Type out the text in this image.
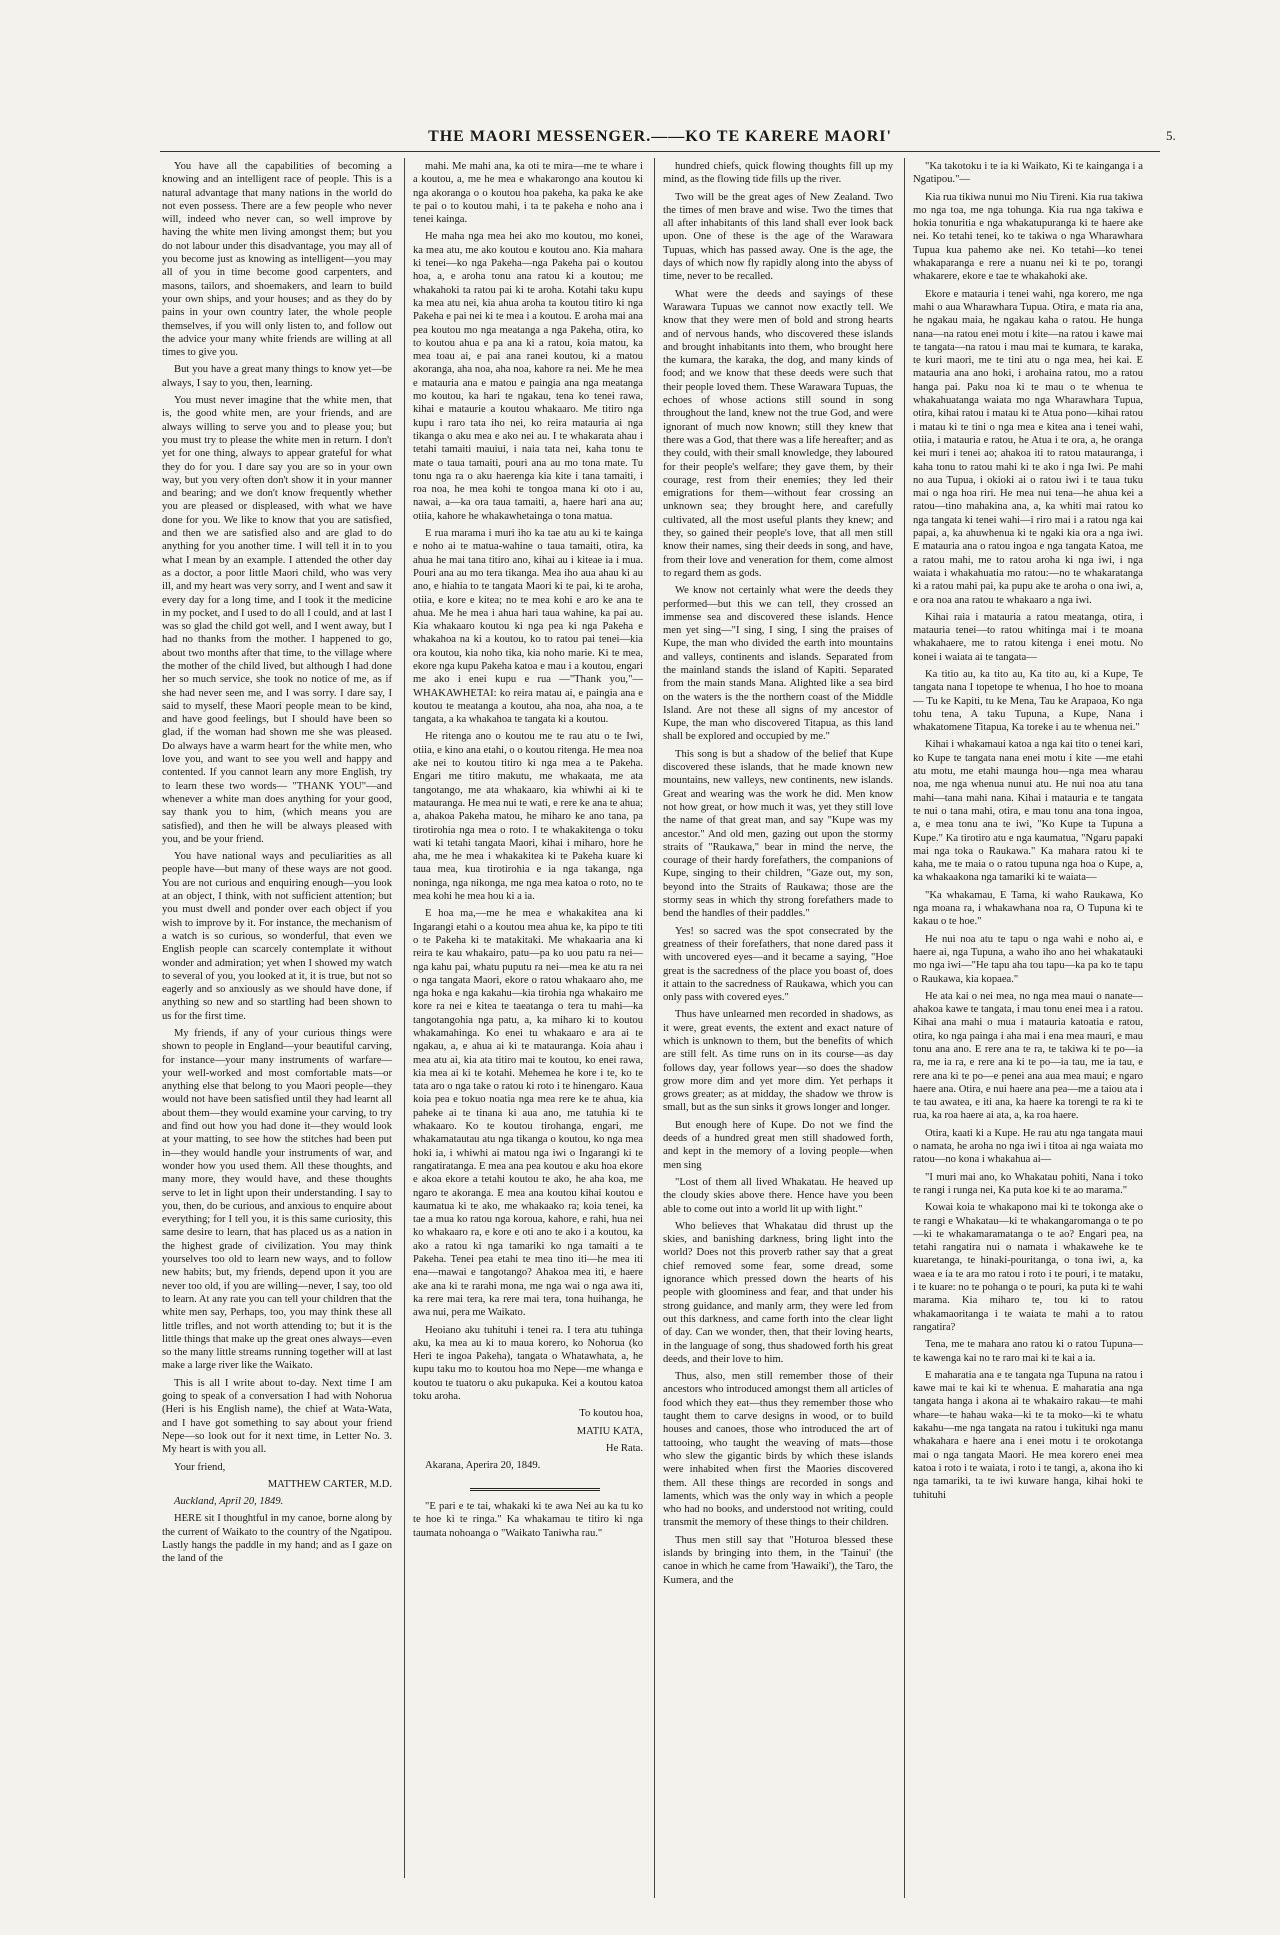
THE MAORI MESSENGER.——KO TE KARERE MAORI'	5.

You have all the capabilities of becoming a knowing and an intelligent race of people. This is a natural advantage that many nations in the world do not even possess. There are a few people who never will, indeed who never can, so well improve by having the white men living amongst them; but you do not labour under this disadvantage, you may all of you become just as knowing as intelligent—you may all of you in time become good carpenters, and masons, tailors, and shoemakers, and learn to build your own ships, and your houses; and as they do by pains in your own country later, the whole people themselves, if you will only listen to, and follow out the advice your many white friends are willing at all times to give you.

But you have a great many things to know yet—be always, I say to you, then, learning.

You must never imagine that the white men, that is, the good white men, are your friends, and are always willing to serve you and to please you; but you must try to please the white men in return. I don't yet for one thing, always to appear grateful for what they do for you. I dare say you are so in your own way, but you very often don't show it in your manner and bearing; and we don't know frequently whether you are pleased or displeased, with what we have done for you. We like to know that you are satisfied, and then we are satisfied also and are glad to do anything for you another time. I will tell it in to you what I mean by an example. I attended the other day as a doctor, a poor little Maori child, who was very ill, and my heart was very sorry, and I went and saw it every day for a long time, and I took it the medicine in my pocket, and I used to do all I could, and at last I was so glad the child got well, and I went away, but I had no thanks from the mother. I happened to go, about two months after that time, to the village where the mother of the child lived, but although I had done her so much service, she took no notice of me, as if she had never seen me, and I was sorry. I dare say, I said to myself, these Maori people mean to be kind, and have good feelings, but I should have been so glad, if the woman had shown me she was pleased. Do always have a warm heart for the white men, who love you, and want to see you well and happy and contented. If you cannot learn any more English, try to learn these two words— "THANK YOU"—and whenever a white man does anything for your good, say thank you to him, (which means you are satisfied), and then he will be always pleased with you, and be your friend.

You have national ways and peculiarities as all people have—but many of these ways are not good. You are not curious and enquiring enough—you look at an object, I think, with not sufficient attention; but you must dwell and ponder over each object if you wish to improve by it. For instance, the mechanism of a watch is so curious, so wonderful, that even we English people can scarcely contemplate it without wonder and admiration; yet when I showed my watch to several of you, you looked at it, it is true, but not so eagerly and so anxiously as we should have done, if anything so new and so startling had been shown to us for the first time.

My friends, if any of your curious things were shown to people in England—your beautiful carving, for instance—your many instruments of warfare—your well-worked and most comfortable mats—or anything else that belong to you Maori people—they would not have been satisfied until they had learnt all about them—they would examine your carving, to try and find out how you had done it—they would look at your matting, to see how the stitches had been put in—they would handle your instruments of war, and wonder how you used them. All these thoughts, and many more, they would have, and these thoughts serve to let in light upon their understanding. I say to you, then, do be curious, and anxious to enquire about everything; for I tell you, it is this same curiosity, this same desire to learn, that has placed us as a nation in the highest grade of civilization. You may think yourselves too old to learn new ways, and to follow new habits; but, my friends, depend upon it you are never too old, if you are willing—never, I say, too old to learn. At any rate you can tell your children that the white men say, Perhaps, too, you may think these all little trifles, and not worth attending to; but it is the little things that make up the great ones always—even so the many little streams running together will at last make a large river like the Waikato.

This is all I write about to-day. Next time I am going to speak of a conversation I had with Nohorua (Heri is his English name), the chief at Wata-Wata, and I have got something to say about your friend Nepe—so look out for it next time, in Letter No. 3. My heart is with you all.

Your friend,

MATTHEW CARTER, M.D.

Auckland, April 20, 1849.

HERE sit I thoughtful in my canoe, borne along by the current of Waikato to the country of the Ngatipou. Lastly hangs the paddle in my hand; and as I gaze on the land of the

mahi. Me mahi ana, ka oti te mira—me te whare i a koutou, a, me he mea e whakarongo ana koutou ki nga akoranga o o koutou hoa pakeha, ka paka ke ake te pai o to koutou mahi, i ta te pakeha e noho ana i tenei kainga.

He maha nga mea hei ako mo koutou, mo konei, ka mea atu, me ako koutou e koutou ano. Kia mahara ki tenei—ko nga Pakeha—nga Pakeha pai o koutou hoa, a, e aroha tonu ana ratou ki a koutou; me whakahoki ta ratou pai ki te aroha. Kotahi taku kupu ka mea atu nei, kia ahua aroha ta koutou titiro ki nga Pakeha e pai nei ki te mea i a koutou. E aroha mai ana pea koutou mo nga meatanga a nga Pakeha, otira, ko to koutou ahua e pa ana ki a ratou, koia matou, ka mea toau ai, e pai ana ranei koutou, ki a matou akoranga, aha noa, aha noa, kahore ra nei. Me he mea e matauria ana e matou e paingia ana nga meatanga mo koutou, ka hari te ngakau, tena ko tenei rawa, kihai e mataurie a koutou whakaaro. Me titiro nga kupu i raro tata iho nei, ko reira matauria ai nga tikanga o aku mea e ako nei au. I te whakarata ahau i tetahi tamaiti mauiui, i naia tata nei, kaha tonu te mate o taua tamaiti, pouri ana au mo tona mate. Tu tonu nga ra o aku haerenga kia kite i tana tamaiti, i roa noa, he mea kohi te tongoa mana ki oto i au, nawai, a—ka ora taua tamaiti, a, haere hari ana au; otiia, kahore he whakawhetainga o tona matua.

E rua marama i muri iho ka tae atu au ki te kainga e noho ai te matua-wahine o taua tamaiti, otira, ka ahua he mai tana titiro ano, kihai au i kiteae ia i mua. Pouri ana au mo tera tikanga. Mea iho aua ahau ki au ano, e hiahia to te tangata Maori ki te pai, ki te aroha, otiia, e kore e kitea; no te mea kohi e aro ke ana te ahua. Me he mea i ahua hari taua wahine, ka pai au. Kia whakaaro koutou ki nga pea ki nga Pakeha e whakahoa na ki a koutou, ko to ratou pai tenei—kia ora koutou, kia noho tika, kia noho marie. Ki te mea, ekore nga kupu Pakeha katoa e mau i a koutou, engari me ako i enei kupu e rua —"Thank you,"—WHAKAWHETAI: ko reira matau ai, e paingia ana e koutou te meatanga a koutou, aha noa, aha noa, a te tangata, a ka whakahoa te tangata ki a koutou.

He ritenga ano o koutou me te rau atu o te Iwi, otiia, e kino ana etahi, o o koutou ritenga. He mea noa ake nei to koutou titiro ki nga mea a te Pakeha. Engari me titiro makutu, me whakaata, me ata tangotango, me ata whakaaro, kia whiwhi ai ki te matauranga. He mea nui te wati, e rere ke ana te ahua; a, ahakoa Pakeha matou, he miharo ke ano tana, pa tirotirohia nga mea o roto. I te whakakitenga o toku wati ki tetahi tangata Maori, kihai i miharo, hore he aha, me he mea i whakakitea ki te Pakeha kuare ki taua mea, kua tirotirohia e ia nga takanga, nga noninga, nga nikonga, me nga mea katoa o roto, no te mea kohi he mea hou ki a ia.

E hoa ma,—me he mea e whakakitea ana ki Ingarangi etahi o a koutou mea ahua ke, ka pipo te titi o te Pakeha ki te matakitaki. Me whakaaria ana ki reira te kau whakairo, patu—pa ko uou patu ra nei—nga kahu pai, whatu puputu ra nei—mea ke atu ra nei o nga tangata Maori, ekore o ratou whakaaro aho, me nga hoka e nga kakahu—kia tirohia nga whakairo me kore ra nei e kitea te taeatanga o tera tu mahi—ka tangotangohia nga patu, a, ka miharo ki to koutou whakamahinga. Ko enei tu whakaaro e ara ai te ngakau, a, e ahua ai ki te matauranga. Koia ahau i mea atu ai, kia ata titiro mai te koutou, ko enei rawa, kia mea ai ki te kotahi. Mehemea he kore i te, ko te tata aro o nga take o ratou ki roto i te hinengaro. Kaua koia pea e tokuo noatia nga mea rere ke te ahua, kia paheke ai te tinana ki aua ano, me tatuhia ki te whakaaro. Ko te koutou tirohanga, engari, me whakamatautau atu nga tikanga o koutou, ko nga mea hoki ia, i whiwhi ai matou nga iwi o Ingarangi ki te rangatiratanga. E mea ana pea koutou e aku hoa ekore e akoa ekore a tetahi koutou te ako, he aha koa, me ngaro te akoranga. E mea ana koutou kihai koutou e kaumatua ki te ako, me whakaako ra; koia tenei, ka tae a mua ko ratou nga koroua, kahore, e rahi, hua nei ko whakaaro ra, e kore e oti ano te ako i a koutou, ka ako a ratou ki nga tamariki ko nga tamaiti a te Pakeha. Tenei pea etahi te mea tino iti—he mea iti ena—mawai e tangotango? Ahakoa mea iti, e haere ake ana ki te rarahi mona, me nga wai o nga awa iti, ka rere mai tera, ka rere mai tera, tona huihanga, he awa nui, pera me Waikato.

Heoiano aku tuhituhi i tenei ra. I tera atu tuhinga aku, ka mea au ki to maua korero, ko Nohorua (ko Heri te ingoa Pakeha), tangata o Whatawhata, a, he kupu taku mo to koutou hoa mo Nepe—me whanga e koutou te tuatoru o aku pukapuka. Kei a koutou katoa toku aroha.

To koutou hoa,

MATIU KATA,

He Rata.

Akarana, Aperira 20, 1849.

"E pari e te tai, whakaki ki te awa Nei au ka tu ko te hoe ki te ringa." Ka whakamau te titiro ki nga taumata nohoanga o "Waikato Taniwha rau."

hundred chiefs, quick flowing thoughts fill up my mind, as the flowing tide fills up the river.

Two will be the great ages of New Zealand. Two the times of men brave and wise. Two the times that all after inhabitants of this land shall ever look back upon. One of these is the age of the Warawara Tupuas, which has passed away. One is the age, the days of which now fly rapidly along into the abyss of time, never to be recalled.

What were the deeds and sayings of these Warawara Tupuas we cannot now exactly tell. We know that they were men of bold and strong hearts and of nervous hands, who discovered these islands and brought inhabitants into them, who brought here the kumara, the karaka, the dog, and many kinds of food; and we know that these deeds were such that their people loved them. These Warawara Tupuas, the echoes of whose actions still sound in song throughout the land, knew not the true God, and were ignorant of much now known; still they knew that there was a God, that there was a life hereafter; and as they could, with their small knowledge, they laboured for their people's welfare; they gave them, by their courage, rest from their enemies; they led their emigrations for them—without fear crossing an unknown sea; they brought here, and carefully cultivated, all the most useful plants they knew; and they, so gained their people's love, that all men still know their names, sing their deeds in song, and have, from their love and veneration for them, come almost to regard them as gods.

We know not certainly what were the deeds they performed—but this we can tell, they crossed an immense sea and discovered these islands. Hence men yet sing—"I sing, I sing, I sing the praises of Kupe, the man who divided the earth into mountains and valleys, continents and islands. Separated from the mainland stands the island of Kapiti. Separated from the main stands Mana. Alighted like a sea bird on the waters is the the northern coast of the Middle Island. Are not these all signs of my ancestor of Kupe, the man who discovered Titapua, as this land shall be explored and occupied by me."

This song is but a shadow of the belief that Kupe discovered these islands, that he made known new mountains, new valleys, new continents, new islands. Great and wearing was the work he did. Men know not how great, or how much it was, yet they still love the name of that great man, and say "Kupe was my ancestor." And old men, gazing out upon the stormy straits of "Raukawa," bear in mind the nerve, the courage of their hardy forefathers, the companions of Kupe, singing to their children, "Gaze out, my son, beyond into the Straits of Raukawa; those are the stormy seas in which thy strong forefathers made to bend the handles of their paddles."

Yes! so sacred was the spot consecrated by the greatness of their forefathers, that none dared pass it with uncovered eyes—and it became a saying, "Hoe great is the sacredness of the place you boast of, does it attain to the sacredness of Raukawa, which you can only pass with covered eyes."

Thus have unlearned men recorded in shadows, as it were, great events, the extent and exact nature of which is unknown to them, but the benefits of which are still felt. As time runs on in its course—as day follows day, year follows year—so does the shadow grow more dim and yet more dim. Yet perhaps it grows greater; as at midday, the shadow we throw is small, but as the sun sinks it grows longer and longer.

But enough here of Kupe. Do not we find the deeds of a hundred great men still shadowed forth, and kept in the memory of a loving people—when men sing

"Lost of them all lived Whakatau. He heaved up the cloudy skies above there. Hence have you been able to come out into a world lit up with light."

Who believes that Whakatau did thrust up the skies, and banishing darkness, bring light into the world? Does not this proverb rather say that a great chief removed some fear, some dread, some ignorance which pressed down the hearts of his people with gloominess and fear, and that under his strong guidance, and manly arm, they were led from out this darkness, and came forth into the clear light of day. Can we wonder, then, that their loving hearts, in the language of song, thus shadowed forth his great deeds, and their love to him.

Thus, also, men still remember those of their ancestors who introduced amongst them all articles of food which they eat—thus they remember those who taught them to carve designs in wood, or to build houses and canoes, those who introduced the art of tattooing, who taught the weaving of mats—those who slew the gigantic birds by which these islands were inhabited when first the Maories discovered them. All these things are recorded in songs and laments, which was the only way in which a people who had no books, and understood not writing, could transmit the memory of these things to their children.

Thus men still say that "Hoturoa blessed these islands by bringing into them, in the 'Tainui' (the canoe in which he came from 'Hawaiki'), the Taro, the Kumera, and the

"Ka takotoku i te ia ki Waikato, Ki te kainganga i a Ngatipou."—

Kia rua tikiwa nunui mo Niu Tireni. Kia rua takiwa mo nga toa, me nga tohunga. Kia rua nga takiwa e hokia tonuritia e nga whakatupuranga ki te haere ake nei. Ko tetahi tenei, ko te takiwa o nga Wharawhara Tupua kua pahemo ake nei. Ko tetahi—ko tenei whakaparanga e rere a nuanu nei ki te po, torangi whakarere, ekore e tae te whakahoki ake.

Ekore e matauria i tenei wahi, nga korero, me nga mahi o aua Wharawhara Tupua. Otira, e mata ria ana, he ngakau maia, he ngakau kaha o ratou. He hunga nana—na ratou enei motu i kite—na ratou i kawe mai te tangata—na ratou i mau mai te kumara, te karaka, te kuri maori, me te tini atu o nga mea, hei kai. E matauria ana ano hoki, i arohaina ratou, mo a ratou hanga pai. Paku noa ki te mau o te whenua te whakahuatanga waiata mo nga Wharawhara Tupua, otira, kihai ratou i matau ki te Atua pono—kihai ratou i matau ki te tini o nga mea e kitea ana i tenei wahi, otiia, i matauria e ratou, he Atua i te ora, a, he oranga kei muri i tenei ao; ahakoa iti to ratou matauranga, i kaha tonu to ratou mahi ki te ako i nga Iwi. Pe mahi no aua Tupua, i okioki ai o ratou iwi i te taua tuku mai o nga hoa riri. He mea nui tena—he ahua kei a ratou—tino mahakina ana, a, ka whiti mai ratou ko nga tangata ki tenei wahi—i riro mai i a ratou nga kai papai, a, ka ahuwhenua ki te ngaki kia ora a nga iwi. E matauria ana o ratou ingoa e nga tangata Katoa, me a ratou mahi, me to ratou aroha ki nga iwi, i nga waiata i whakahuatia mo ratou:—no te whakaratanga ki a ratou mahi pai, ka pupu ake te aroha o ona iwi, a, e ora noa ana ratou te whakaaro a nga iwi.

Kihai raia i matauria a ratou meatanga, otira, i matauria tenei—to ratou whitinga mai i te moana whakahaere, me to ratou kitenga i enei motu. No konei i waiata ai te tangata—

Ka titio au, ka tito au, Ka tito au, ki a Kupe, Te tangata nana I topetope te whenua, I ho hoe to moana— Tu ke Kapiti, tu ke Mena, Tau ke Arapaoa, Ko nga tohu tena, A taku Tupuna, a Kupe, Nana i whakatomene Titapua, Ka toreke i au te whenua nei."

Kihai i whakamaui katoa a nga kai tito o tenei kari, ko Kupe te tangata nana enei motu i kite —me etahi atu motu, me etahi maunga hou—nga mea wharau noa, me nga whenua nunui atu. He nui noa atu tana mahi—tana mahi nana. Kihai i matauria e te tangata te nui o tana mahi, otira, e mau tonu ana tona ingoa, a, e mea tonu ana te iwi, "Ko Kupe ta Tupuna a Kupe." Ka tirotiro atu e nga kaumatua, "Ngaru papaki mai nga toka o Raukawa." Ka mahara ratou ki te kaha, me te maia o o ratou tupuna nga hoa o Kupe, a, ka whakaakona nga tamariki ki te waiata—

"Ka whakamau, E Tama, ki waho Raukawa, Ko nga moana ra, i whakawhana noa ra, O Tupuna ki te kakau o te hoe."

He nui noa atu te tapu o nga wahi e noho ai, e haere ai, nga Tupuna, a waho iho ano hei whakatauki mo nga iwi—"He tapu aha tou tapu—ka pa ko te tapu o Raukawa, kia kopaea."

He ata kai o nei mea, no nga mea maui o nanate—ahakoa kawe te tangata, i mau tonu enei mea i a ratou. Kihai ana mahi o mua i matauria katoatia e ratou, otira, ko nga painga i aha mai i ena mea mauri, e mau tonu ana ano. E rere ana te ra, te takiwa ki te po—ia ra, me ia ra, e rere ana ki te po—ia tau, me ia tau, e rere ana ki te po—e penei ana aua mea maui; e ngaro haere ana. Otira, e nui haere ana pea—me a taiou ata i te tau awatea, e iti ana, ka haere ka torengi te ra ki te rua, ka roa haere ai ata, a, ka roa haere.

Otira, kaati ki a Kupe. He rau atu nga tangata maui o namata, he aroha no nga iwi i titoa ai nga waiata mo ratou—no kona i whakahua ai—

"I muri mai ano, ko Whakatau pohiti, Nana i toko te rangi i runga nei, Ka puta koe ki te ao marama."

Kowai koia te whakapono mai ki te tokonga ake o te rangi e Whakatau—ki te whakangaromanga o te po—ki te whakamaramatanga o te ao? Engari pea, na tetahi rangatira nui o namata i whakawehe ke te kuaretanga, te hinaki-pouritanga, o tona iwi, a, ka waea e ia te ara mo ratou i roto i te pouri, i te mataku, i te kuare: no te pohanga o te pouri, ka puta ki te wahi marama. Kia miharo te, tou ki to ratou whakamaoritanga i te waiata te mahi a to ratou rangatira?

Tena, me te mahara ano ratou ki o ratou Tupuna—te kawenga kai no te raro mai ki te kai a ia.

E maharatia ana e te tangata nga Tupuna na ratou i kawe mai te kai ki te whenua. E maharatia ana nga tangata hanga i akona ai te whakairo rakau—te mahi whare—te hahau waka—ki te ta moko—ki te whatu kakahu—me nga tangata na ratou i tukituki nga manu whakahara e haere ana i enei motu i te orokotanga mai o nga tangata Maori. He mea korero enei mea katoa i roto i te waiata, i roto i te tangi, a, akona iho ki nga tamariki, ta te iwi kuware hanga, kihai hoki te tuhituhi
